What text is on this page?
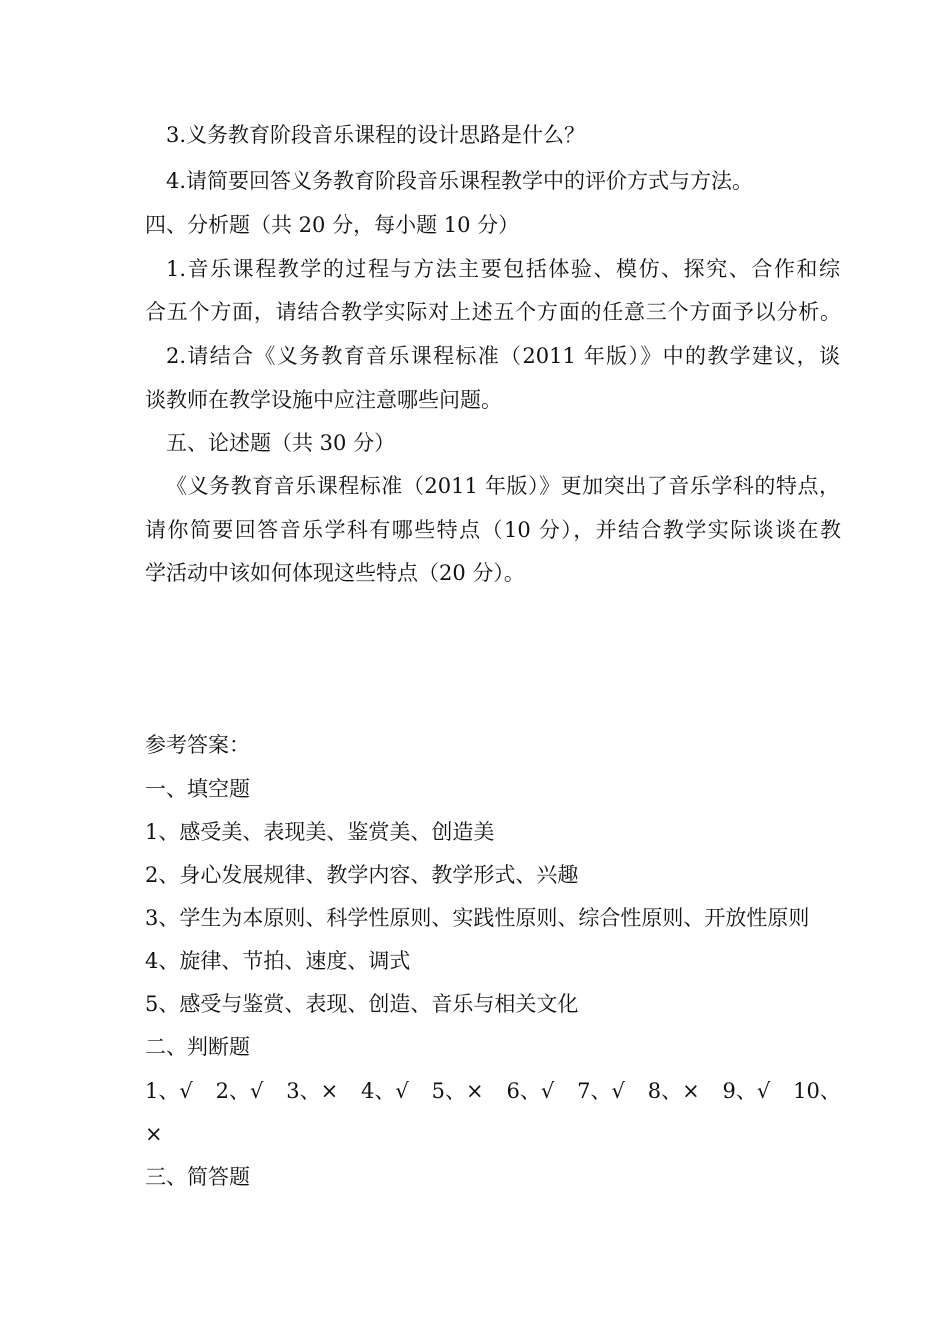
3.义务教育阶段音乐课程的设计思路是什么？
4.请简要回答义务教育阶段音乐课程教学中的评价方式与方法。
四、分析题（共 20 分，每小题 10 分）
1.音乐课程教学的过程与方法主要包括体验、模仿、探究、合作和综
合五个方面，请结合教学实际对上述五个方面的任意三个方面予以分析。
2.请结合《义务教育音乐课程标准（2011 年版）》中的教学建议，谈
谈教师在教学设施中应注意哪些问题。
五、论述题（共 30 分）
《义务教育音乐课程标准（2011 年版）》更加突出了音乐学科的特点，
请你简要回答音乐学科有哪些特点（10 分），并结合教学实际谈谈在教
学活动中该如何体现这些特点（20 分）。
参考答案：
一、填空题
1、感受美、表现美、鉴赏美、创造美
2、身心发展规律、教学内容、教学形式、兴趣
3、学生为本原则、科学性原则、实践性原则、综合性原则、开放性原则
4、旋律、节拍、速度、调式
5、感受与鉴赏、表现、创造、音乐与相关文化
二、判断题
1、√ 2、√ 3、× 4、√ 5、× 6、√ 7、√ 8、× 9、√ 10、
×
三、简答题
